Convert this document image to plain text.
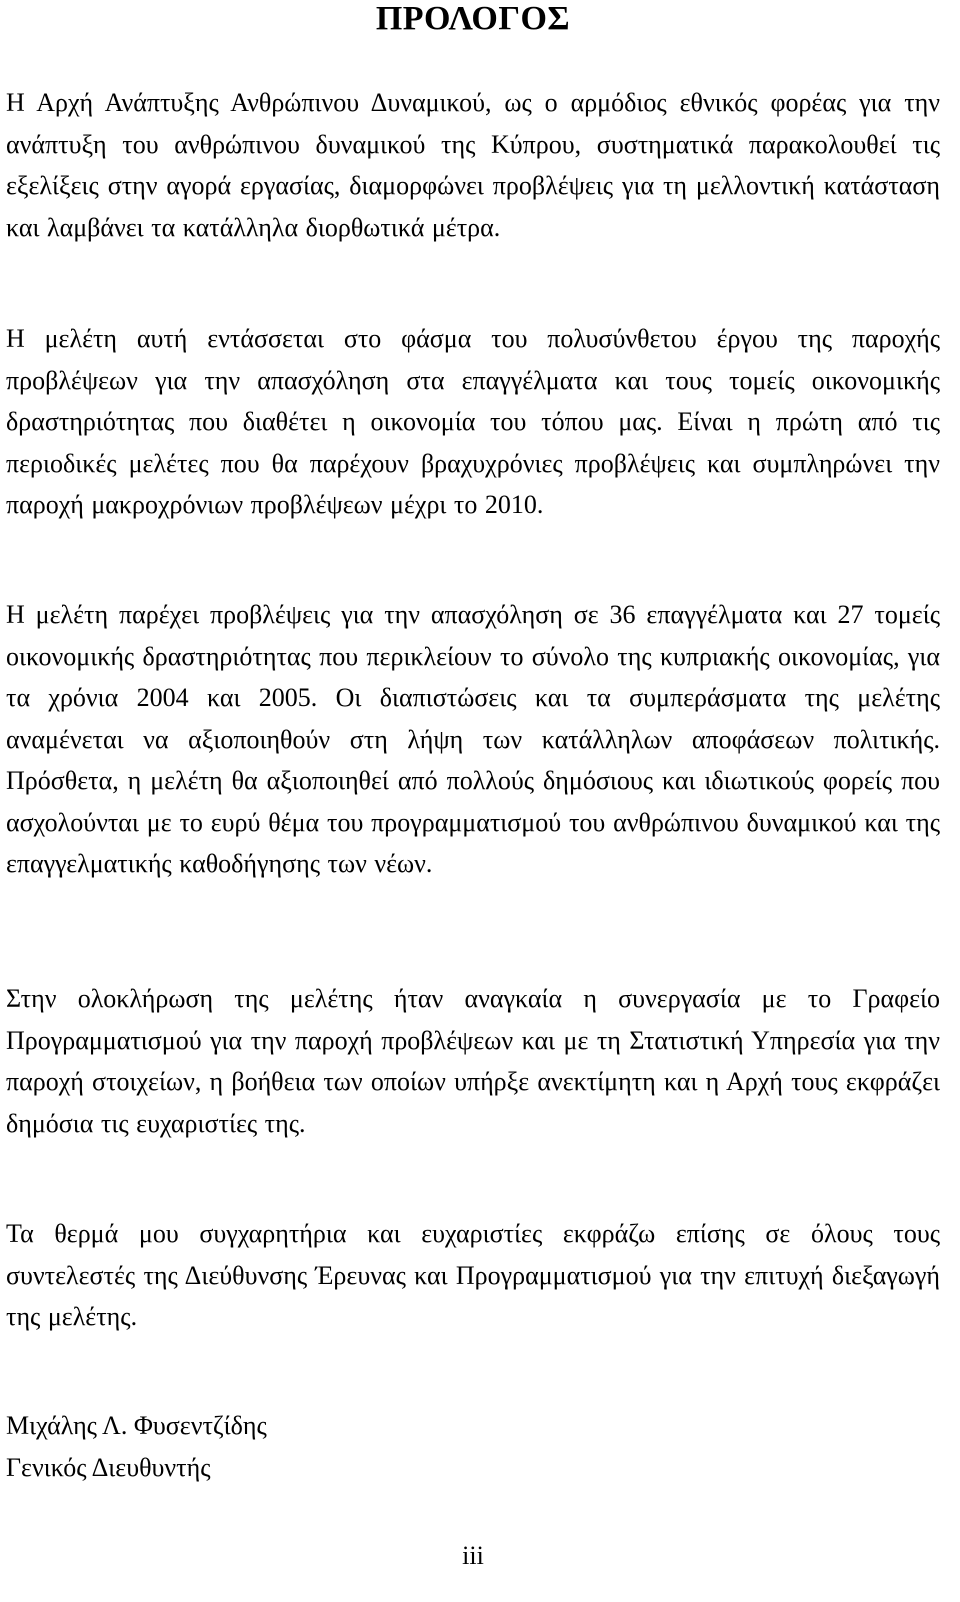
ΠΡΟΛΟΓΟΣ

Η Αρχή Ανάπτυξης Ανθρώπινου Δυναμικού, ως ο αρμόδιος εθνικός φορέας για την ανάπτυξη του ανθρώπινου δυναμικού της Κύπρου, συστηματικά παρακολουθεί τις εξελίξεις στην αγορά εργασίας, διαμορφώνει προβλέψεις για τη μελλοντική κατάσταση και λαμβάνει τα κατάλληλα διορθωτικά μέτρα.

Η μελέτη αυτή εντάσσεται στο φάσμα του πολυσύνθετου έργου της παροχής προβλέψεων για την απασχόληση στα επαγγέλματα και τους τομείς οικονομικής δραστηριότητας που διαθέτει η οικονομία του τόπου μας. Είναι η πρώτη από τις περιοδικές μελέτες που θα παρέχουν βραχυχρόνιες προβλέψεις και συμπληρώνει την παροχή μακροχρόνιων προβλέψεων μέχρι το 2010.

Η μελέτη παρέχει προβλέψεις για την απασχόληση σε 36 επαγγέλματα και 27 τομείς οικονομικής δραστηριότητας που περικλείουν το σύνολο της κυπριακής οικονομίας, για τα χρόνια 2004 και 2005. Οι διαπιστώσεις και τα συμπεράσματα της μελέτης αναμένεται να αξιοποιηθούν στη λήψη των κατάλληλων αποφάσεων πολιτικής. Πρόσθετα, η μελέτη θα αξιοποιηθεί από πολλούς δημόσιους και ιδιωτικούς φορείς που ασχολούνται με το ευρύ θέμα του προγραμματισμού του ανθρώπινου δυναμικού και της επαγγελματικής καθοδήγησης των νέων.

Στην ολοκλήρωση της μελέτης ήταν αναγκαία η συνεργασία με το Γραφείο Προγραμματισμού για την παροχή προβλέψεων και με τη Στατιστική Υπηρεσία για την παροχή στοιχείων, η βοήθεια των οποίων υπήρξε ανεκτίμητη και η Αρχή τους εκφράζει δημόσια τις ευχαριστίες της.

Τα θερμά μου συγχαρητήρια και ευχαριστίες εκφράζω επίσης σε όλους τους συντελεστές της Διεύθυνσης Έρευνας και Προγραμματισμού για την επιτυχή διεξαγωγή της μελέτης.

Μιχάλης Λ. Φυσεντζίδης
Γενικός Διευθυντής
iii
